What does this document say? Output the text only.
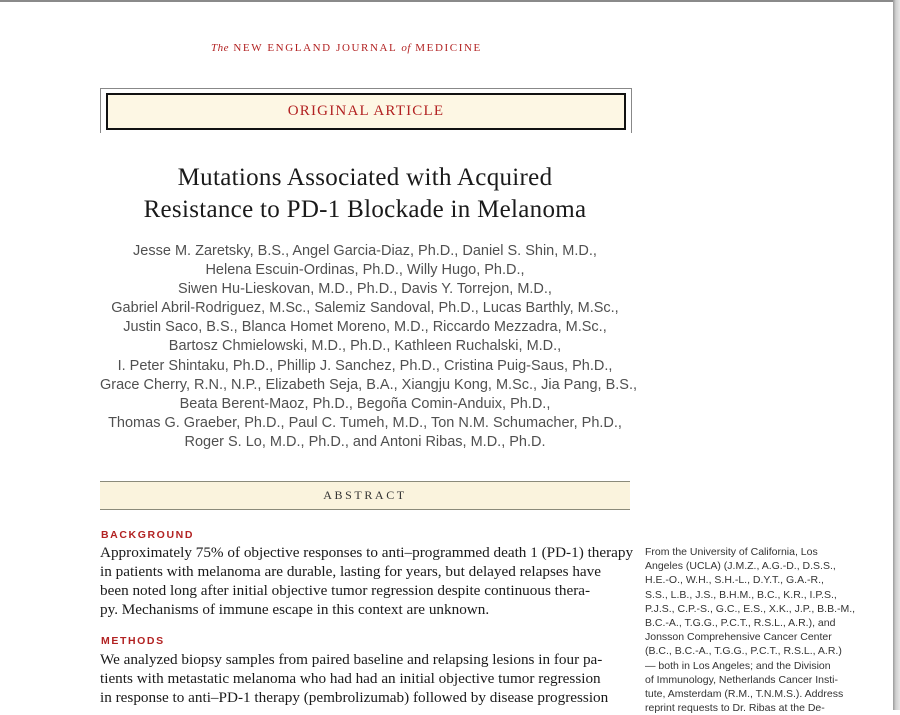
The NEW ENGLAND JOURNAL of MEDICINE
ORIGINAL ARTICLE
Mutations Associated with Acquired
Resistance to PD-1 Blockade in Melanoma
Jesse M. Zaretsky, B.S., Angel Garcia-Diaz, Ph.D., Daniel S. Shin, M.D.,
Helena Escuin-Ordinas, Ph.D., Willy Hugo, Ph.D.,
Siwen Hu-Lieskovan, M.D., Ph.D., Davis Y. Torrejon, M.D.,
Gabriel Abril-Rodriguez, M.Sc., Salemiz Sandoval, Ph.D., Lucas Barthly, M.Sc.,
Justin Saco, B.S., Blanca Homet Moreno, M.D., Riccardo Mezzadra, M.Sc.,
Bartosz Chmielowski, M.D., Ph.D., Kathleen Ruchalski, M.D.,
I. Peter Shintaku, Ph.D., Phillip J. Sanchez, Ph.D., Cristina Puig-Saus, Ph.D.,
Grace Cherry, R.N., N.P., Elizabeth Seja, B.A., Xiangju Kong, M.Sc., Jia Pang, B.S.,
Beata Berent-Maoz, Ph.D., Begoña Comin-Anduix, Ph.D.,
Thomas G. Graeber, Ph.D., Paul C. Tumeh, M.D., Ton N.M. Schumacher, Ph.D.,
Roger S. Lo, M.D., Ph.D., and Antoni Ribas, M.D., Ph.D.
ABSTRACT
BACKGROUND
Approximately 75% of objective responses to anti–programmed death 1 (PD-1) therapy
in patients with melanoma are durable, lasting for years, but delayed relapses have
been noted long after initial objective tumor regression despite continuous thera-
py. Mechanisms of immune escape in this context are unknown.
METHODS
We analyzed biopsy samples from paired baseline and relapsing lesions in four pa-
tients with metastatic melanoma who had had an initial objective tumor regression
in response to anti–PD-1 therapy (pembrolizumab) followed by disease progression
From the University of California, Los
Angeles (UCLA) (J.M.Z., A.G.-D., D.S.S.,
H.E.-O., W.H., S.H.-L., D.Y.T., G.A.-R.,
S.S., L.B., J.S., B.H.M., B.C., K.R., I.P.S.,
P.J.S., C.P.-S., G.C., E.S., X.K., J.P., B.B.-M.,
B.C.-A., T.G.G., P.C.T., R.S.L., A.R.), and
Jonsson Comprehensive Cancer Center
(B.C., B.C.-A., T.G.G., P.C.T., R.S.L., A.R.)
— both in Los Angeles; and the Division
of Immunology, Netherlands Cancer Insti-
tute, Amsterdam (R.M., T.N.M.S.). Address
reprint requests to Dr. Ribas at the De-
